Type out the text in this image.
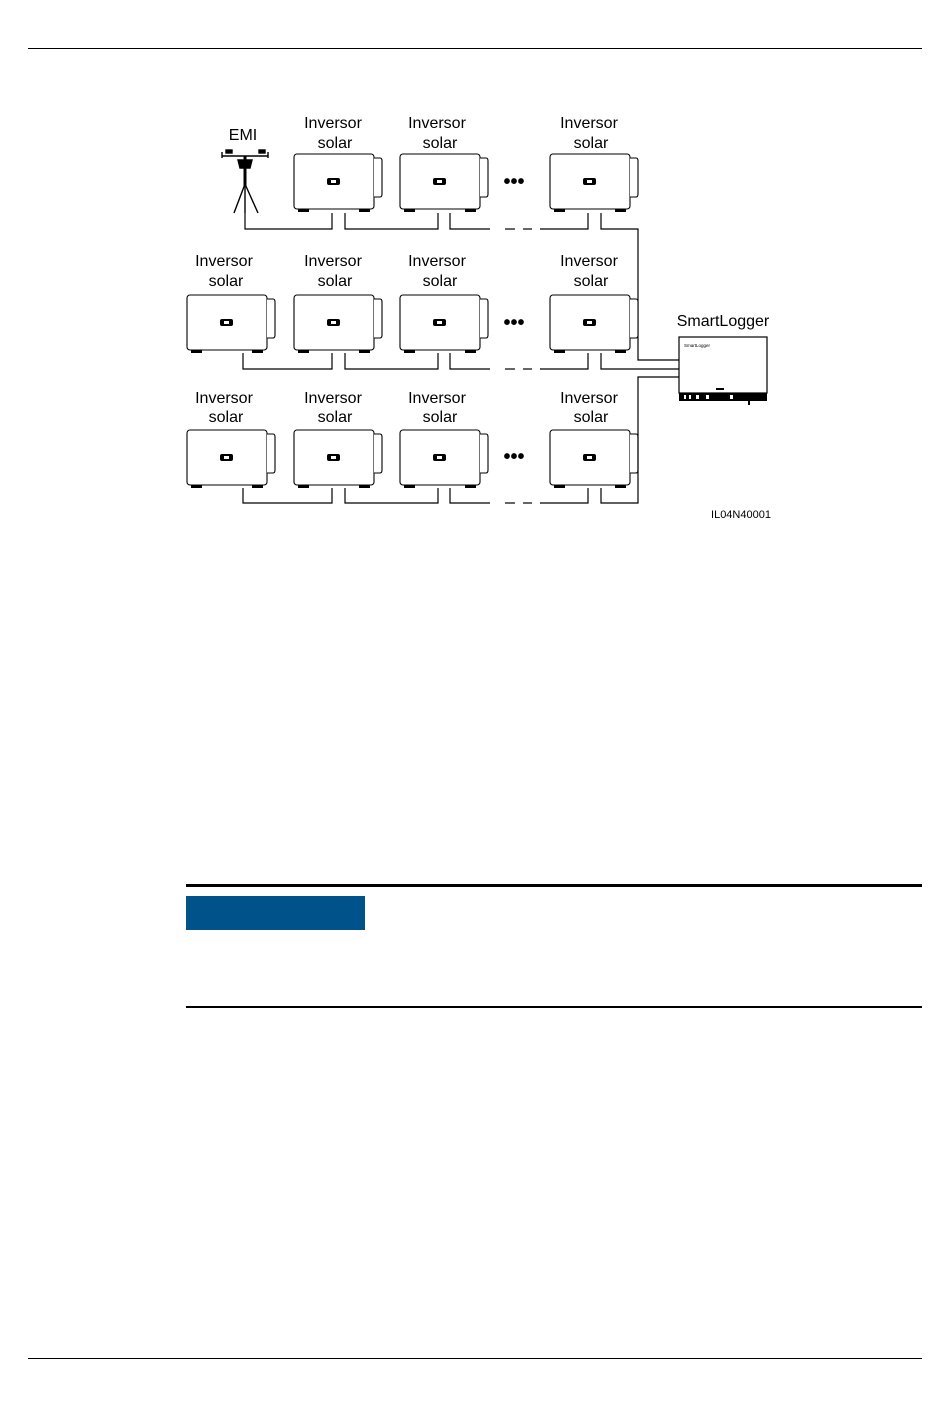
EMI
Inversor
solar
Inversor
solar
Inversor
solar
•••
Inversor
solar
Inversor
solar
Inversor
solar
Inversor
solar
•••
Inversor
solar
Inversor
solar
Inversor
solar
Inversor
solar
•••
SmartLogger
SmartLogger
IL04N40001
